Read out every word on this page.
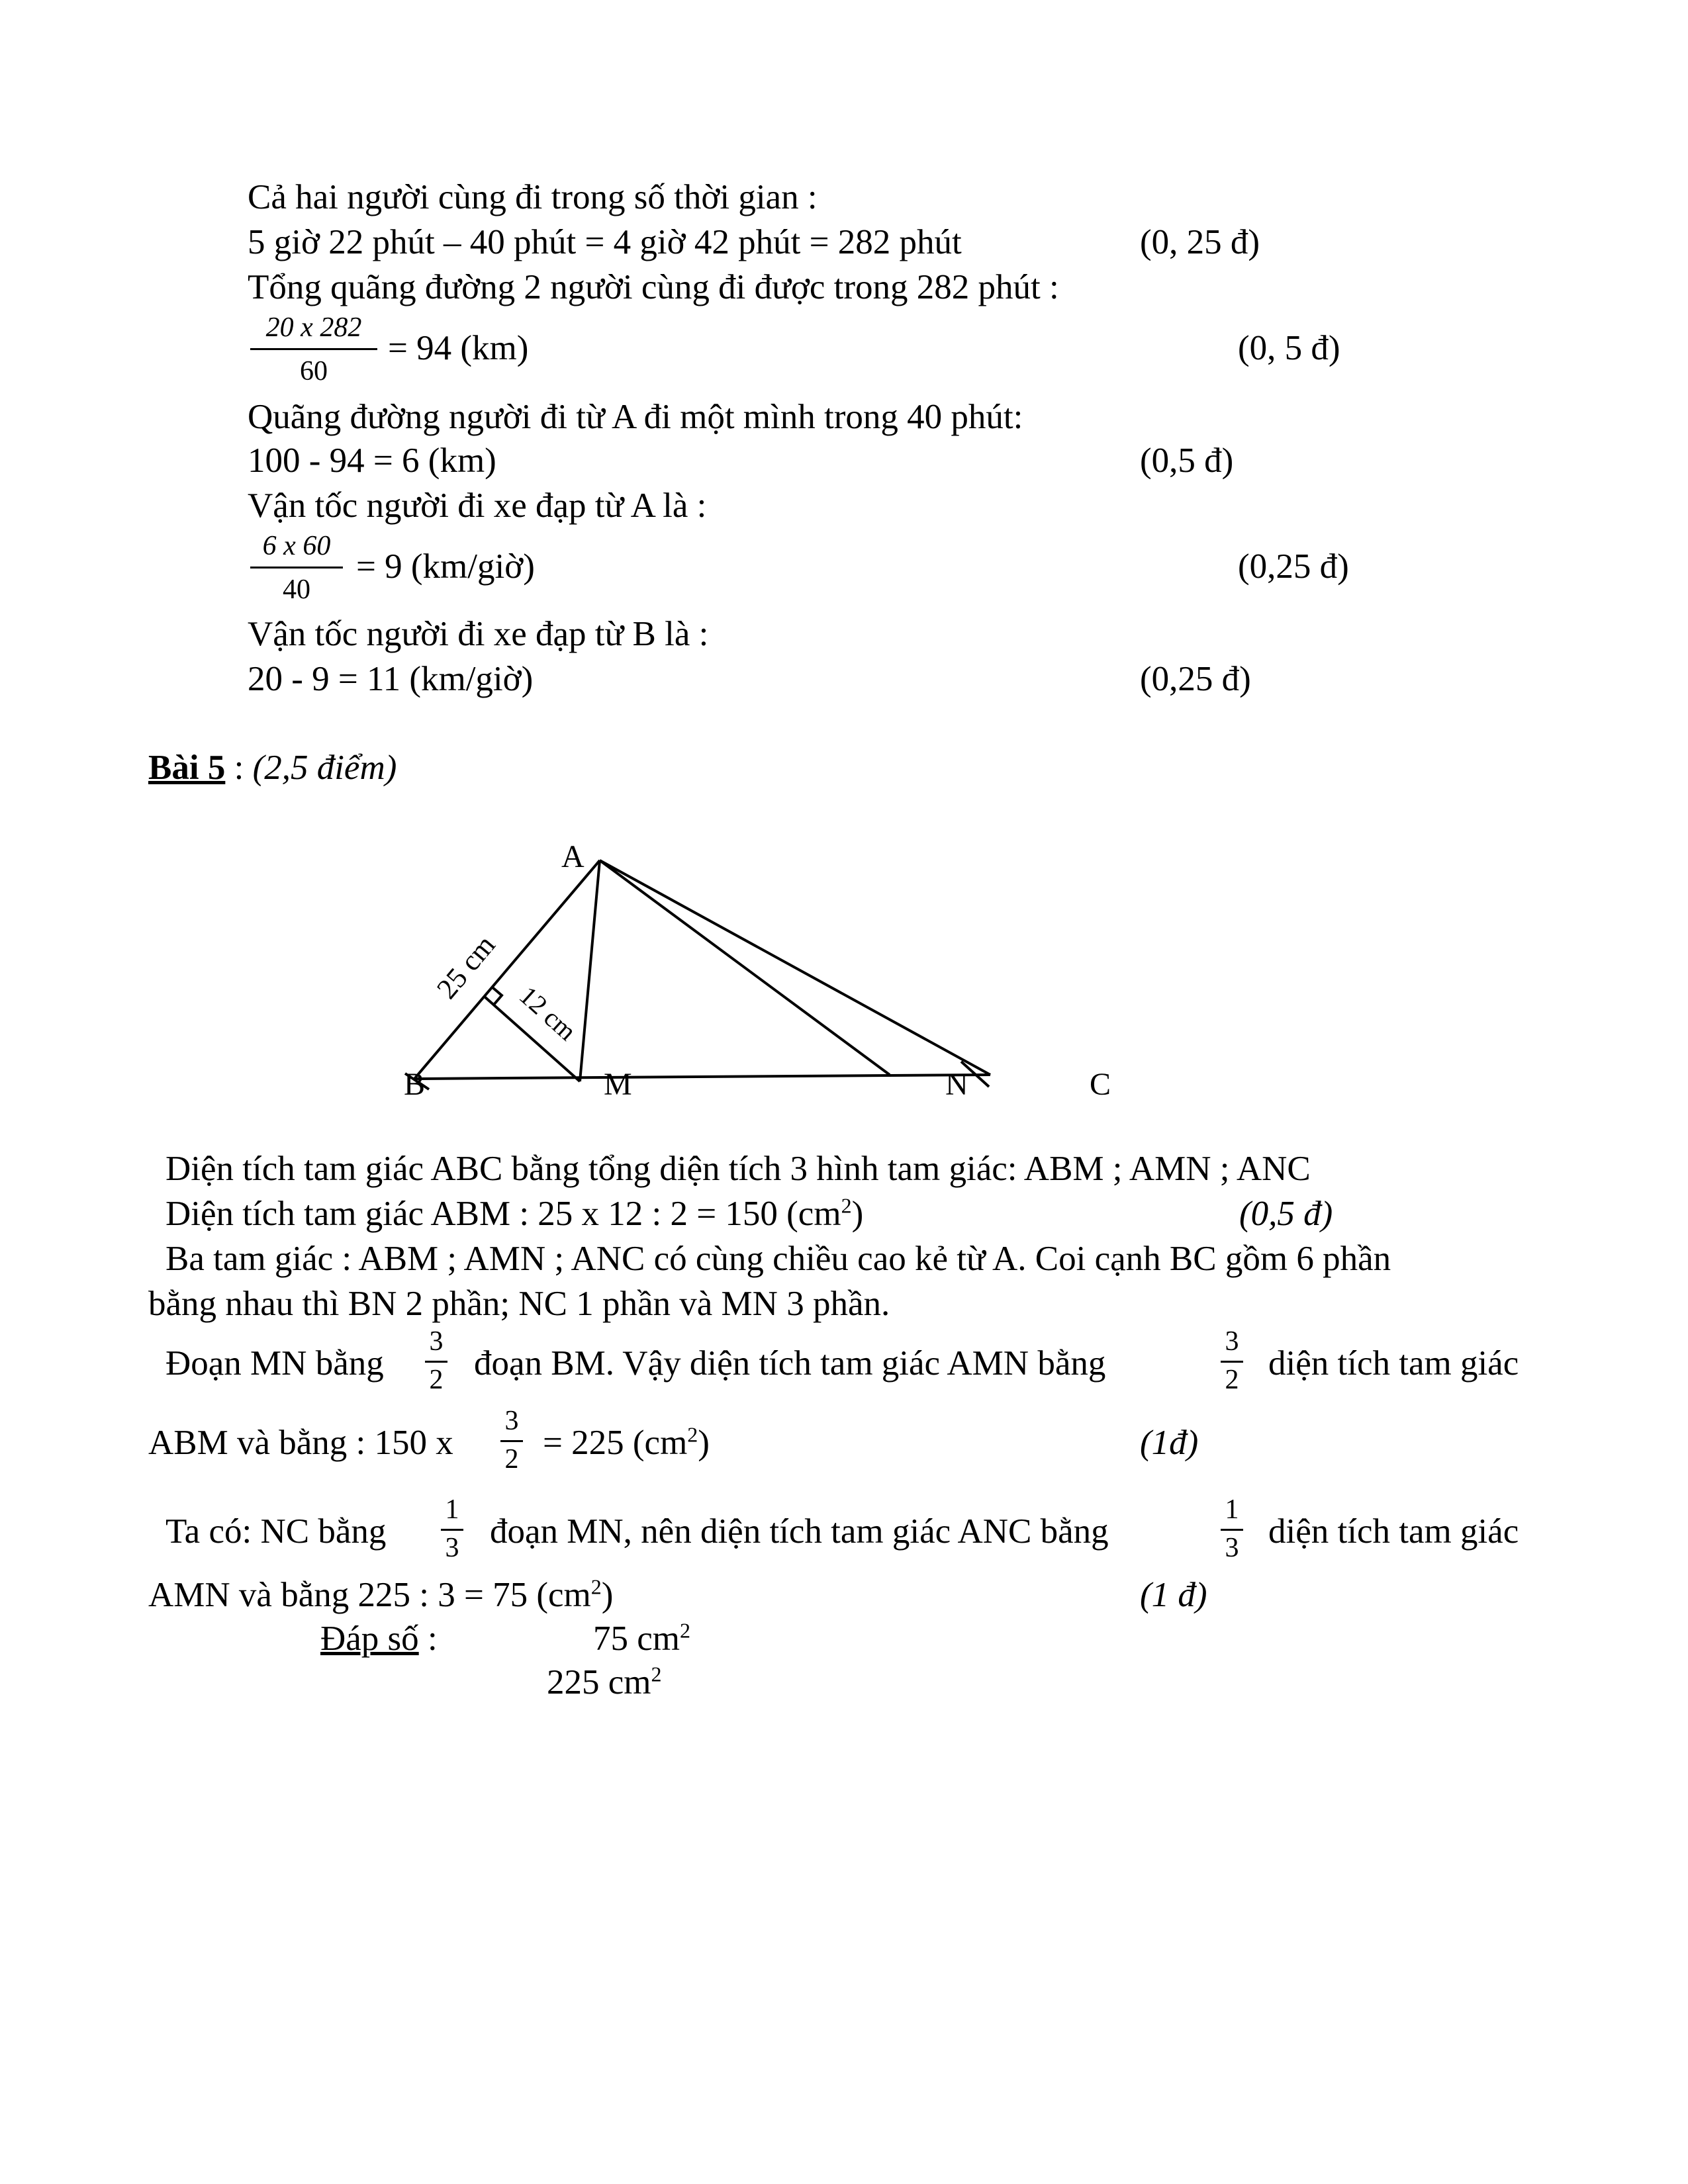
Cả hai người cùng đi trong số thời gian :
5 giờ 22 phút – 40 phút = 4 giờ 42 phút = 282 phút	(0, 25 đ)
Tổng quãng đường 2 người cùng đi được trong 282 phút :
20 x 282
60
= 94 (km)	(0, 5 đ)
Quãng đường người đi từ A đi một mình trong 40 phút:
100 - 94 = 6 (km)	(0,5 đ)
Vận tốc người đi xe đạp từ A là :
6 x 60
40
= 9 (km/giờ)	(0,25 đ)
Vận tốc người đi xe đạp từ B là :
20 - 9 = 11 (km/giờ)	(0,25 đ)
Bài 5 : (2,5 điểm)
A
B	M	N	C
25 cm
12 cm
Diện tích tam giác ABC bằng tổng diện tích 3 hình tam giác: ABM ; AMN ; ANC
Diện tích tam giác ABM : 25 x 12 : 2 = 150 $(cm^2)$	(0,5 đ)
Ba tam giác : ABM ; AMN ; ANC có cùng chiều cao kẻ từ A. Coi cạnh BC gồm 6 phần
bằng nhau thì BN 2 phần; NC 1 phần và MN 3 phần.
Đoạn MN bằng
3
2 đoạn BM. Vậy diện tích tam giác AMN bằng
3
2 diện tích tam giác
ABM và bằng : 150 x
3
2 = 225 $(cm^2)$	(1đ)
Ta có: NC bằng
1
3 đoạn MN, nên diện tích tam giác ANC bằng
1
3 diện tích tam giác
AMN và bằng 225 : 3 = 75 $(cm^2)$	(1 đ)
Đáp số :	75 $cm^2$
225 $cm^2$
